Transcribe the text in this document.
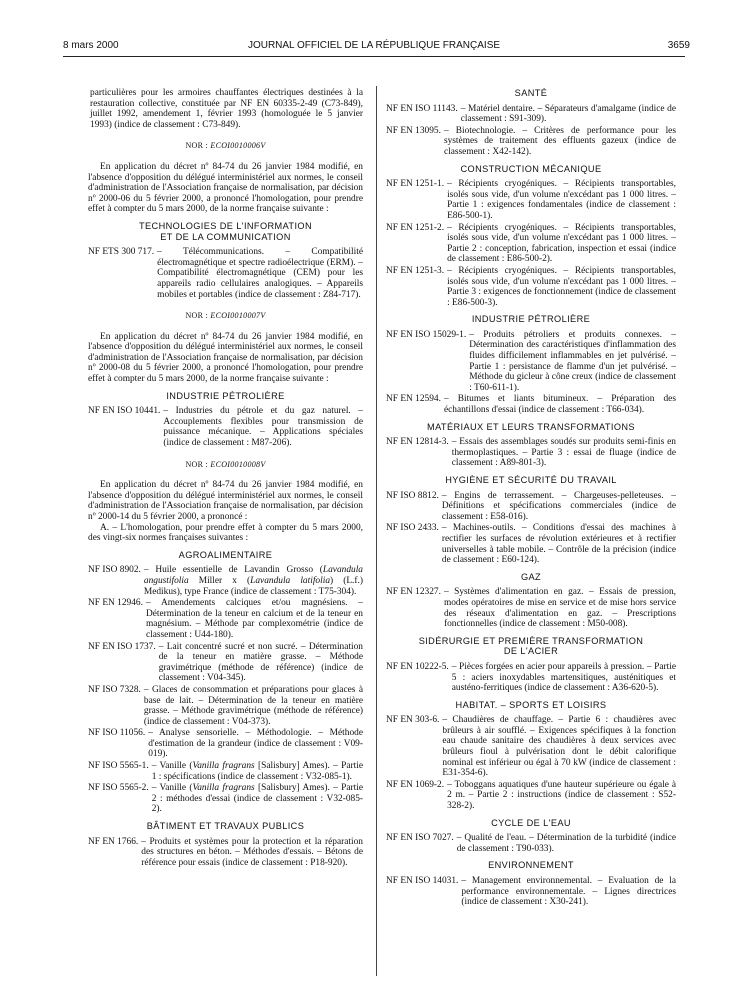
8 mars 2000	JOURNAL OFFICIEL DE LA RÉPUBLIQUE FRANÇAISE	3659

particulières pour les armoires chauffantes électriques destinées à la restauration collective, constituée par NF EN 60335-2-49 (C73-849), juillet 1992, amendement 1, février 1993 (homologuée le 5 janvier 1993) (indice de classement : C73-849).

NOR : ECOI0010006V

En application du décret nº 84-74 du 26 janvier 1984 modifié, en l'absence d'opposition du délégué interministériel aux normes, le conseil d'administration de l'Association française de normalisation, par décision nº 2000-06 du 5 février 2000, a prononcé l'homologation, pour prendre effet à compter du 5 mars 2000, de la norme française suivante :

TECHNOLOGIES DE L'INFORMATION
ET DE LA COMMUNICATION
NF ETS 300 717. – Télécommunications. – Compatibilité électromagnétique et spectre radioélectrique (ERM). – Compatibilité électromagnétique (CEM) pour les appareils radio cellulaires analogiques. – Appareils mobiles et portables (indice de classement : Z84-717).

NOR : ECOI0010007V

En application du décret nº 84-74 du 26 janvier 1984 modifié, en l'absence d'opposition du délégué interministériel aux normes, le conseil d'administration de l'Association française de normalisation, par décision nº 2000-08 du 5 février 2000, a prononcé l'homologation, pour prendre effet à compter du 5 mars 2000, de la norme française suivante :

INDUSTRIE PÉTROLIÈRE
NF EN ISO 10441. – Industries du pétrole et du gaz naturel. – Accouplements flexibles pour transmission de puissance mécanique. – Applications spéciales (indice de classement : M87-206).

NOR : ECOI0010008V

En application du décret nº 84-74 du 26 janvier 1984 modifié, en l'absence d'opposition du délégué interministériel aux normes, le conseil d'administration de l'Association française de normalisation, par décision nº 2000-14 du 5 février 2000, a prononcé :

A. – L'homologation, pour prendre effet à compter du 5 mars 2000, des vingt-six normes françaises suivantes :

AGROALIMENTAIRE
NF ISO 8902. – Huile essentielle de Lavandin Grosso (Lavandula angustifolia Miller x (Lavandula latifolia) (L.f.) Medikus), type France (indice de classement : T75-304).
NF EN 12946. – Amendements calciques et/ou magnésiens. – Détermination de la teneur en calcium et de la teneur en magnésium. – Méthode par complexométrie (indice de classement : U44-180).
NF EN ISO 1737. – Lait concentré sucré et non sucré. – Détermination de la teneur en matière grasse. – Méthode gravimétrique (méthode de référence) (indice de classement : V04-345).
NF ISO 7328. – Glaces de consommation et préparations pour glaces à base de lait. – Détermination de la teneur en matière grasse. – Méthode gravimétrique (méthode de référence) (indice de classement : V04-373).
NF ISO 11056. – Analyse sensorielle. – Méthodologie. – Méthode d'estimation de la grandeur (indice de classement : V09-019).
NF ISO 5565-1. – Vanille (Vanilla fragrans [Salisbury] Ames). – Partie 1 : spécifications (indice de classement : V32-085-1).
NF ISO 5565-2. – Vanille (Vanilla fragrans [Salisbury] Ames). – Partie 2 : méthodes d'essai (indice de classement : V32-085-2).
BÂTIMENT ET TRAVAUX PUBLICS
NF EN 1766. – Produits et systèmes pour la protection et la réparation des structures en béton. – Méthodes d'essais. – Bétons de référence pour essais (indice de classement : P18-920).
SANTÉ
NF EN ISO 11143. – Matériel dentaire. – Séparateurs d'amalgame (indice de classement : S91-309).
NF EN 13095. – Biotechnologie. – Critères de performance pour les systèmes de traitement des effluents gazeux (indice de classement : X42-142).
CONSTRUCTION MÉCANIQUE
NF EN 1251-1. – Récipients cryogéniques. – Récipients transportables, isolés sous vide, d'un volume n'excédant pas 1 000 litres. – Partie 1 : exigences fondamentales (indice de classement : E86-500-1).
NF EN 1251-2. – Récipients cryogéniques. – Récipients transportables, isolés sous vide, d'un volume n'excédant pas 1 000 litres. – Partie 2 : conception, fabrication, inspection et essai (indice de classement : E86-500-2).
NF EN 1251-3. – Récipients cryogéniques. – Récipients transportables, isolés sous vide, d'un volume n'excédant pas 1 000 litres. – Partie 3 : exigences de fonctionnement (indice de classement : E86-500-3).
INDUSTRIE PÉTROLIÈRE
NF EN ISO 15029-1. – Produits pétroliers et produits connexes. – Détermination des caractéristiques d'inflammation des fluides difficilement inflammables en jet pulvérisé. – Partie 1 : persistance de flamme d'un jet pulvérisé. – Méthode du gicleur à cône creux (indice de classement : T60-611-1).
NF EN 12594. – Bitumes et liants bitumineux. – Préparation des échantillons d'essai (indice de classement : T66-034).
MATÉRIAUX ET LEURS TRANSFORMATIONS
NF EN 12814-3. – Essais des assemblages soudés sur produits semi-finis en thermoplastiques. – Partie 3 : essai de fluage (indice de classement : A89-801-3).
HYGIÈNE ET SÉCURITÉ DU TRAVAIL
NF ISO 8812. – Engins de terrassement. – Chargeuses-pelleteuses. – Définitions et spécifications commerciales (indice de classement : E58-016).
NF ISO 2433. – Machines-outils. – Conditions d'essai des machines à rectifier les surfaces de révolution extérieures et à rectifier universelles à table mobile. – Contrôle de la précision (indice de classement : E60-124).
GAZ
NF EN 12327. – Systèmes d'alimentation en gaz. – Essais de pression, modes opératoires de mise en service et de mise hors service des réseaux d'alimentation en gaz. – Prescriptions fonctionnelles (indice de classement : M50-008).
SIDÉRURGIE ET PREMIÈRE TRANSFORMATION
DE L'ACIER
NF EN 10222-5. – Pièces forgées en acier pour appareils à pression. – Partie 5 : aciers inoxydables martensitiques, austénitiques et austéno-ferritiques (indice de classement : A36-620-5).
HABITAT. – SPORTS ET LOISIRS
NF EN 303-6. – Chaudières de chauffage. – Partie 6 : chaudières avec brûleurs à air soufflé. – Exigences spécifiques à la fonction eau chaude sanitaire des chaudières à deux services avec brûleurs fioul à pulvérisation dont le débit calorifique nominal est inférieur ou égal à 70 kW (indice de classement : E31-354-6).
NF EN 1069-2. – Toboggans aquatiques d'une hauteur supérieure ou égale à 2 m. – Partie 2 : instructions (indice de classement : S52-328-2).
CYCLE DE L'EAU
NF EN ISO 7027. – Qualité de l'eau. – Détermination de la turbidité (indice de classement : T90-033).
ENVIRONNEMENT
NF EN ISO 14031. – Management environnemental. – Evaluation de la performance environnementale. – Lignes directrices (indice de classement : X30-241).
